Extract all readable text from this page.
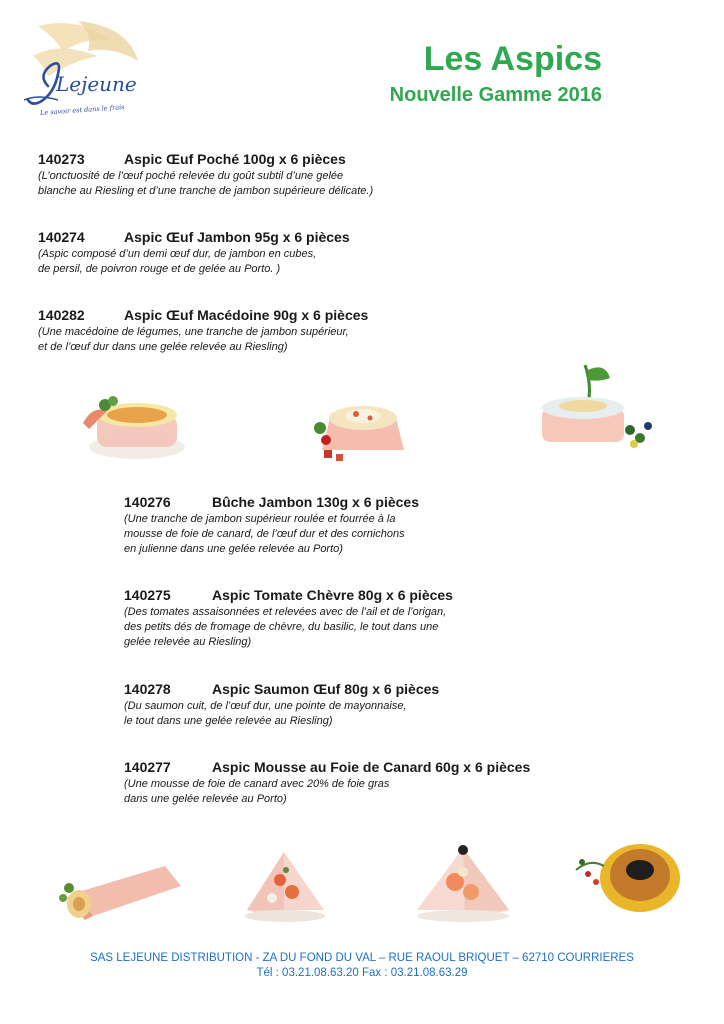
Lejeune
Le savoir est dans le frais
Les Aspics
Nouvelle Gamme 2016
140273	Aspic Œuf Poché 100g x 6 pièces
(L’onctuosité de l’œuf poché relevée du goût subtil d’une gelée
blanche au Riesling et d’une tranche de jambon supérieure délicate.)
140274	Aspic Œuf Jambon 95g x 6 pièces
(Aspic composé d’un demi œuf dur, de jambon en cubes,
de persil, de poivron rouge et de gelée au Porto. )
140282	Aspic Œuf Macédoine 90g x 6 pièces
(Une macédoine de légumes, une tranche de jambon supérieur,
et de l’œuf dur dans une gelée relevée au Riesling)
140276	Bûche Jambon 130g x 6 pièces
(Une tranche de jambon supérieur roulée et fourrée à la
mousse de foie de canard, de l’œuf dur et des cornichons
en julienne dans une gelée relevée au Porto)
140275	Aspic Tomate Chèvre 80g x 6 pièces
(Des tomates assaisonnées et relevées avec de l’ail et de l’origan,
des petits dés de fromage de chèvre, du basilic, le tout dans une
gelée relevée au Riesling)
140278	Aspic Saumon Œuf 80g x 6 pièces
(Du saumon cuit, de l’œuf dur, une pointe de mayonnaise,
le tout dans une gelée relevée au Riesling)
140277	Aspic Mousse au Foie de Canard 60g x 6 pièces
(Une mousse de foie de canard avec 20% de foie gras
dans une gelée relevée au Porto)
SAS LEJEUNE DISTRIBUTION - ZA DU FOND DU VAL – RUE RAOUL BRIQUET – 62710 COURRIERES
Tél : 03.21.08.63.20 Fax : 03.21.08.63.29
